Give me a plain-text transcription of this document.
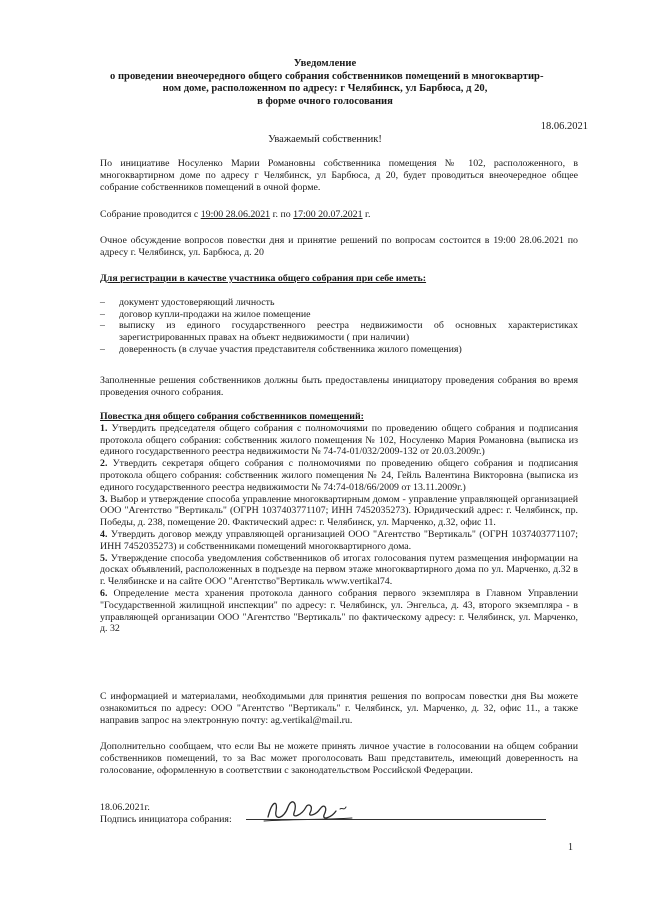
Уведомление
о проведении внеочередного общего собрания собственников помещений в многоквартир-
ном доме, расположенном по адресу: г Челябинск, ул Барбюса, д 20,
в форме очного голосования
18.06.2021
Уважаемый собственник!
По инициативе Носуленко Марии Романовны собственника помещения № 102, расположенного, в многоквартирном доме по адресу г Челябинск, ул Барбюса, д 20, будет проводиться внеочередное общее собрание собственников помещений в очной форме.
Собрание проводится с 19:00 28.06.2021 г. по 17:00 20.07.2021 г.
Очное обсуждение вопросов повестки дня и принятие решений по вопросам состоится в 19:00 28.06.2021 по адресу г. Челябинск, ул. Барбюса, д. 20
Для регистрации в качестве участника общего собрания при себе иметь:
– документ удостоверяющий личность
– договор купли-продажи на жилое помещение
– выписку из единого государственного реестра недвижимости об основных характеристиках зарегистрированных правах на объект недвижимости ( при наличии)
– доверенность (в случае участия представителя собственника жилого помещения)
Заполненные решения собственников должны быть предоставлены инициатору проведения собрания во время проведения очного собрания.
Повестка дня общего собрания собственников помещений:
1. Утвердить председателя общего собрания с полномочиями по проведению общего собрания и подписания протокола общего собрания: собственник жилого помещения № 102, Носуленко Мария Романовна (выписка из единого государственного реестра недвижимости № 74-74-01/032/2009-132 от 20.03.2009г.)
2. Утвердить секретаря общего собрания с полномочиями по проведению общего собрания и подписания протокола общего собрания: собственник жилого помещения № 24, Гейль Валентина Викторовна (выписка из единого государственного реестра недвижимости № 74:74-018/66/2009 от 13.11.2009г.)
3. Выбор и утверждение способа управление многоквартирным домом - управление управляющей организацией ООО "Агентство "Вертикаль" (ОГРН 1037403771107; ИНН 7452035273). Юридический адрес: г. Челябинск, пр. Победы, д. 238, помещение 20. Фактический адрес: г. Челябинск, ул. Марченко, д.32, офис 11.
4. Утвердить договор между управляющей организацией ООО "Агентство "Вертикаль" (ОГРН 1037403771107; ИНН 7452035273) и собственниками помещений многоквартирного дома.
5. Утверждение способа уведомления собственников об итогах голосования путем размещения информации на досках объявлений, расположенных в подъезде на первом этаже многоквартирного дома по ул. Марченко, д.32 в г. Челябинске и на сайте ООО "Агентство"Вертикаль www.vertikal74.
6. Определение места хранения протокола данного собрания первого экземпляра в Главном Управлении "Государственной жилищной инспекции" по адресу: г. Челябинск, ул. Энгельса, д. 43, второго экземпляра - в управляющей организации ООО "Агентство "Вертикаль" по фактическому адресу: г. Челябинск, ул. Марченко, д. 32
С информацией и материалами, необходимыми для принятия решения по вопросам повестки дня Вы можете ознакомиться по адресу: ООО "Агентство "Вертикаль" г. Челябинск, ул. Марченко, д. 32, офис 11., а также направив запрос на электронную почту: ag.vertikal@mail.ru.
Дополнительно сообщаем, что если Вы не можете принять личное участие в голосовании на общем собрании собственников помещений, то за Вас может проголосовать Ваш представитель, имеющий доверенность на голосование, оформленную в соответствии с законодательством Российской Федерации.
18.06.2021г.
Подпись инициатора собрания:
1
